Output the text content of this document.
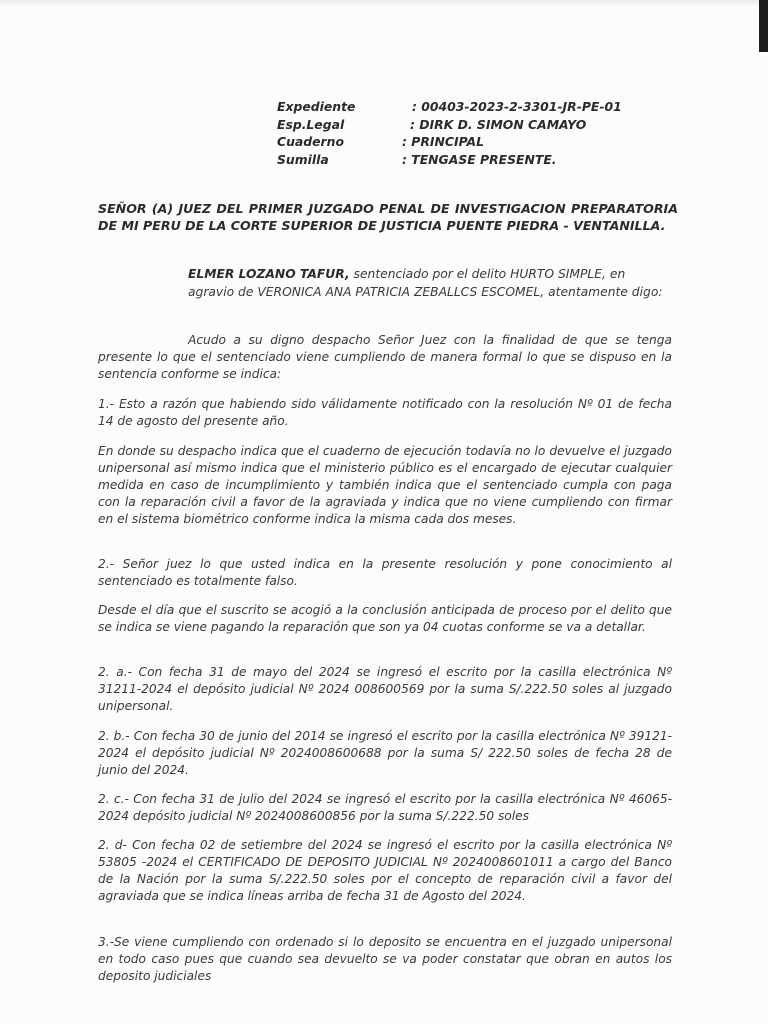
Expediente	: 00403-2023-2-3301-JR-PE-01
Esp.Legal	: DIRK D. SIMON CAMAYO
Cuaderno	: PRINCIPAL
Sumilla	: TENGASE PRESENTE.
SEÑOR (A) JUEZ DEL PRIMER JUZGADO PENAL DE INVESTIGACION PREPARATORIA DE MI PERU DE LA CORTE SUPERIOR DE JUSTICIA PUENTE PIEDRA - VENTANILLA.
ELMER LOZANO TAFUR, sentenciado por el delito HURTO SIMPLE, en agravio de VERONICA ANA PATRICIA ZEBALLCS ESCOMEL, atentamente digo:

Acudo a su digno despacho Señor Juez con la finalidad de que se tenga presente lo que el sentenciado viene cumpliendo de manera formal lo que se dispuso en la sentencia conforme se indica:

1.- Esto a razón que habiendo sido válidamente notificado con la resolución Nº 01 de fecha 14 de agosto del presente año.

En donde su despacho indica que el cuaderno de ejecución todavía no lo devuelve el juzgado unipersonal así mismo indica que el ministerio público es el encargado de ejecutar cualquier medida en caso de incumplimiento y también indica que el sentenciado cumpla con paga con la reparación civil a favor de la agraviada y indica que no viene cumpliendo con firmar en el sistema biométrico conforme indica la misma cada dos meses.

2.- Señor juez lo que usted indica en la presente resolución y pone conocimiento al sentenciado es totalmente falso.

Desde el día que el suscrito se acogió a la conclusión anticipada de proceso por el delito que se indica se viene pagando la reparación que son ya 04 cuotas conforme se va a detallar.

2. a.- Con fecha 31 de mayo del 2024 se ingresó el escrito por la casilla electrónica Nº 31211-2024 el depósito judicial Nº 2024 008600569 por la suma S/.222.50 soles al juzgado unipersonal.

2. b.- Con fecha 30 de junio del 2014 se ingresó el escrito por la casilla electrónica Nº 39121-2024 el depósito judicial Nº 2024008600688 por la suma S/ 222.50 soles de fecha 28 de junio del 2024.

2. c.- Con fecha 31 de julio del 2024 se ingresó el escrito por la casilla electrónica Nº 46065-2024 depósito judicial Nº 2024008600856 por la suma S/.222.50 soles

2. d- Con fecha 02 de setiembre del 2024 se ingresó el escrito por la casilla electrónica Nº 53805 -2024 el CERTIFICADO DE DEPOSITO JUDICIAL Nº 2024008601011 a cargo del Banco de la Nación por la suma S/.222.50 soles por el concepto de reparación civil a favor del agraviada que se indica líneas arriba de fecha 31 de Agosto del 2024.

3.-Se viene cumpliendo con ordenado si lo deposito se encuentra en el juzgado unipersonal en todo caso pues que cuando sea devuelto se va poder constatar que obran en autos los deposito judiciales
